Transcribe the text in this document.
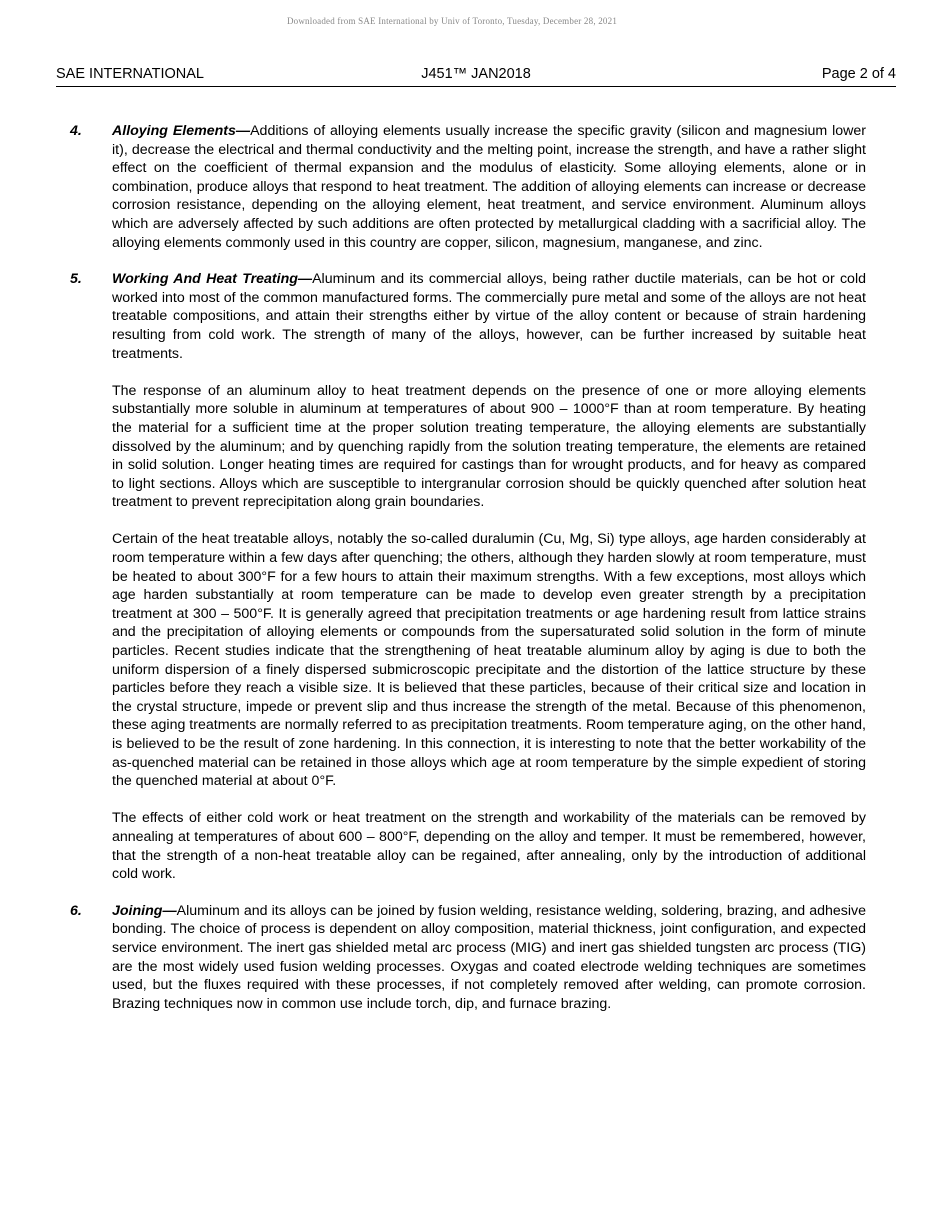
Downloaded from SAE International by Univ of Toronto, Tuesday, December 28, 2021
SAE INTERNATIONAL	J451™ JAN2018	Page 2 of 4
4. Alloying Elements—Additions of alloying elements usually increase the specific gravity (silicon and magnesium lower it), decrease the electrical and thermal conductivity and the melting point, increase the strength, and have a rather slight effect on the coefficient of thermal expansion and the modulus of elasticity. Some alloying elements, alone or in combination, produce alloys that respond to heat treatment. The addition of alloying elements can increase or decrease corrosion resistance, depending on the alloying element, heat treatment, and service environment. Aluminum alloys which are adversely affected by such additions are often protected by metallurgical cladding with a sacrificial alloy. The alloying elements commonly used in this country are copper, silicon, magnesium, manganese, and zinc.

5. Working And Heat Treating—Aluminum and its commercial alloys, being rather ductile materials, can be hot or cold worked into most of the common manufactured forms. The commercially pure metal and some of the alloys are not heat treatable compositions, and attain their strengths either by virtue of the alloy content or because of strain hardening resulting from cold work. The strength of many of the alloys, however, can be further increased by suitable heat treatments.

The response of an aluminum alloy to heat treatment depends on the presence of one or more alloying elements substantially more soluble in aluminum at temperatures of about 900 – 1000°F than at room temperature. By heating the material for a sufficient time at the proper solution treating temperature, the alloying elements are substantially dissolved by the aluminum; and by quenching rapidly from the solution treating temperature, the elements are retained in solid solution. Longer heating times are required for castings than for wrought products, and for heavy as compared to light sections. Alloys which are susceptible to intergranular corrosion should be quickly quenched after solution heat treatment to prevent reprecipitation along grain boundaries.

Certain of the heat treatable alloys, notably the so-called duralumin (Cu, Mg, Si) type alloys, age harden considerably at room temperature within a few days after quenching; the others, although they harden slowly at room temperature, must be heated to about 300°F for a few hours to attain their maximum strengths. With a few exceptions, most alloys which age harden substantially at room temperature can be made to develop even greater strength by a precipitation treatment at 300 – 500°F. It is generally agreed that precipitation treatments or age hardening result from lattice strains and the precipitation of alloying elements or compounds from the supersaturated solid solution in the form of minute particles. Recent studies indicate that the strengthening of heat treatable aluminum alloy by aging is due to both the uniform dispersion of a finely dispersed submicroscopic precipitate and the distortion of the lattice structure by these particles before they reach a visible size. It is believed that these particles, because of their critical size and location in the crystal structure, impede or prevent slip and thus increase the strength of the metal. Because of this phenomenon, these aging treatments are normally referred to as precipitation treatments. Room temperature aging, on the other hand, is believed to be the result of zone hardening. In this connection, it is interesting to note that the better workability of the as-quenched material can be retained in those alloys which age at room temperature by the simple expedient of storing the quenched material at about 0°F.

The effects of either cold work or heat treatment on the strength and workability of the materials can be removed by annealing at temperatures of about 600 – 800°F, depending on the alloy and temper. It must be remembered, however, that the strength of a non-heat treatable alloy can be regained, after annealing, only by the introduction of additional cold work.

6. Joining—Aluminum and its alloys can be joined by fusion welding, resistance welding, soldering, brazing, and adhesive bonding. The choice of process is dependent on alloy composition, material thickness, joint configuration, and expected service environment. The inert gas shielded metal arc process (MIG) and inert gas shielded tungsten arc process (TIG) are the most widely used fusion welding processes. Oxygas and coated electrode welding techniques are sometimes used, but the fluxes required with these processes, if not completely removed after welding, can promote corrosion. Brazing techniques now in common use include torch, dip, and furnace brazing.
